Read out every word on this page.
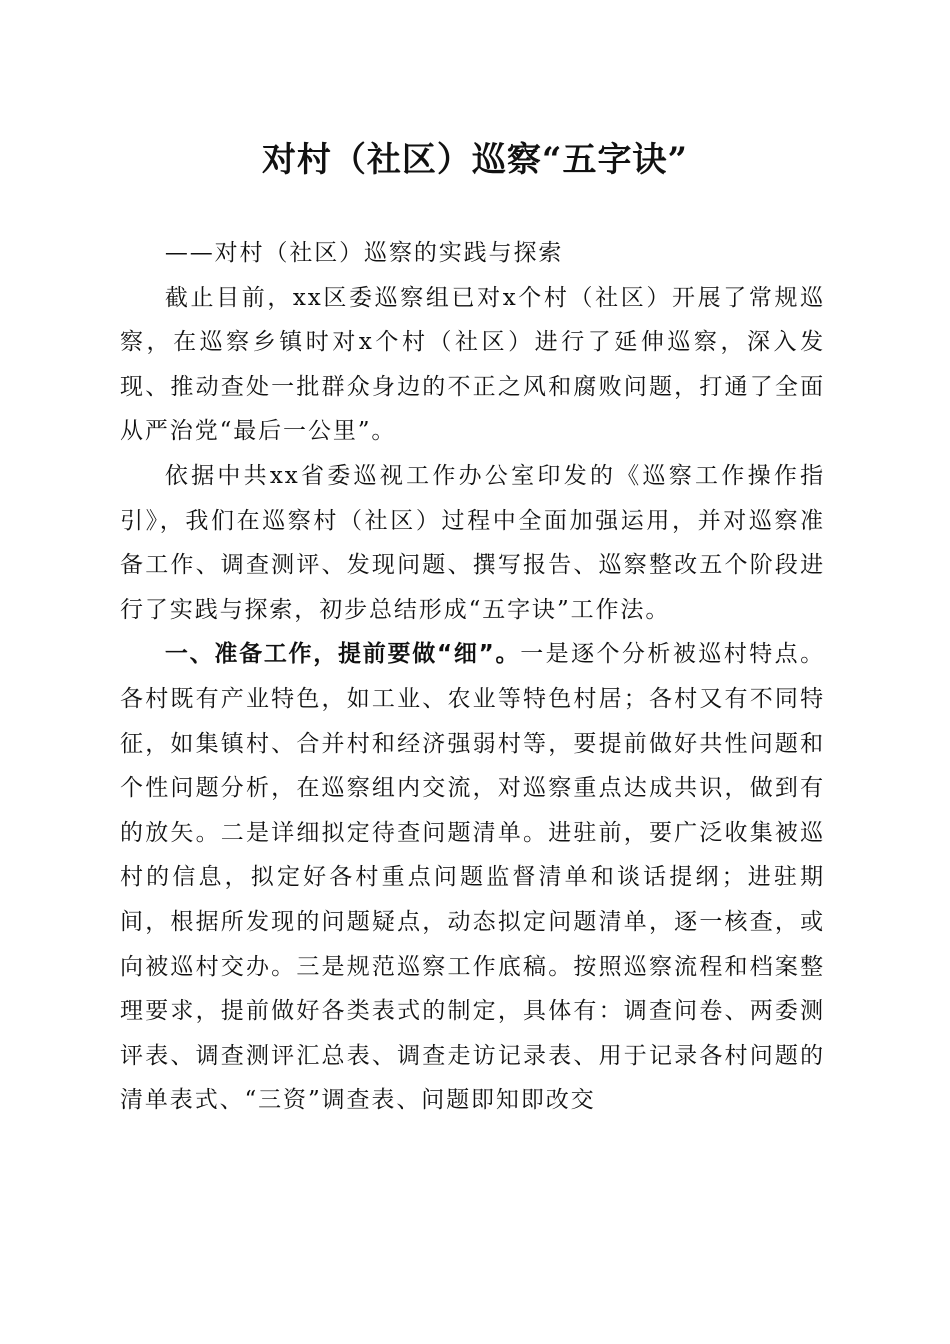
对村（社区）巡察“五字诀”

——对村（社区）巡察的实践与探索

截止目前，xx区委巡察组已对x个村（社区）开展了常规巡察，在巡察乡镇时对x个村（社区）进行了延伸巡察，深入发现、推动查处一批群众身边的不正之风和腐败问题，打通了全面从严治党“最后一公里”。

依据中共xx省委巡视工作办公室印发的《巡察工作操作指引》，我们在巡察村（社区）过程中全面加强运用，并对巡察准备工作、调查测评、发现问题、撰写报告、巡察整改五个阶段进行了实践与探索，初步总结形成“五字诀”工作法。

一、准备工作，提前要做“细”。一是逐个分析被巡村特点。各村既有产业特色，如工业、农业等特色村居；各村又有不同特征，如集镇村、合并村和经济强弱村等，要提前做好共性问题和个性问题分析，在巡察组内交流，对巡察重点达成共识，做到有的放矢。二是详细拟定待查问题清单。进驻前，要广泛收集被巡村的信息，拟定好各村重点问题监督清单和谈话提纲；进驻期间，根据所发现的问题疑点，动态拟定问题清单，逐一核查，或向被巡村交办。三是规范巡察工作底稿。按照巡察流程和档案整理要求，提前做好各类表式的制定，具体有：调查问卷、两委测评表、调查测评汇总表、调查走访记录表、用于记录各村问题的清单表式、“三资”调查表、问题即知即改交
